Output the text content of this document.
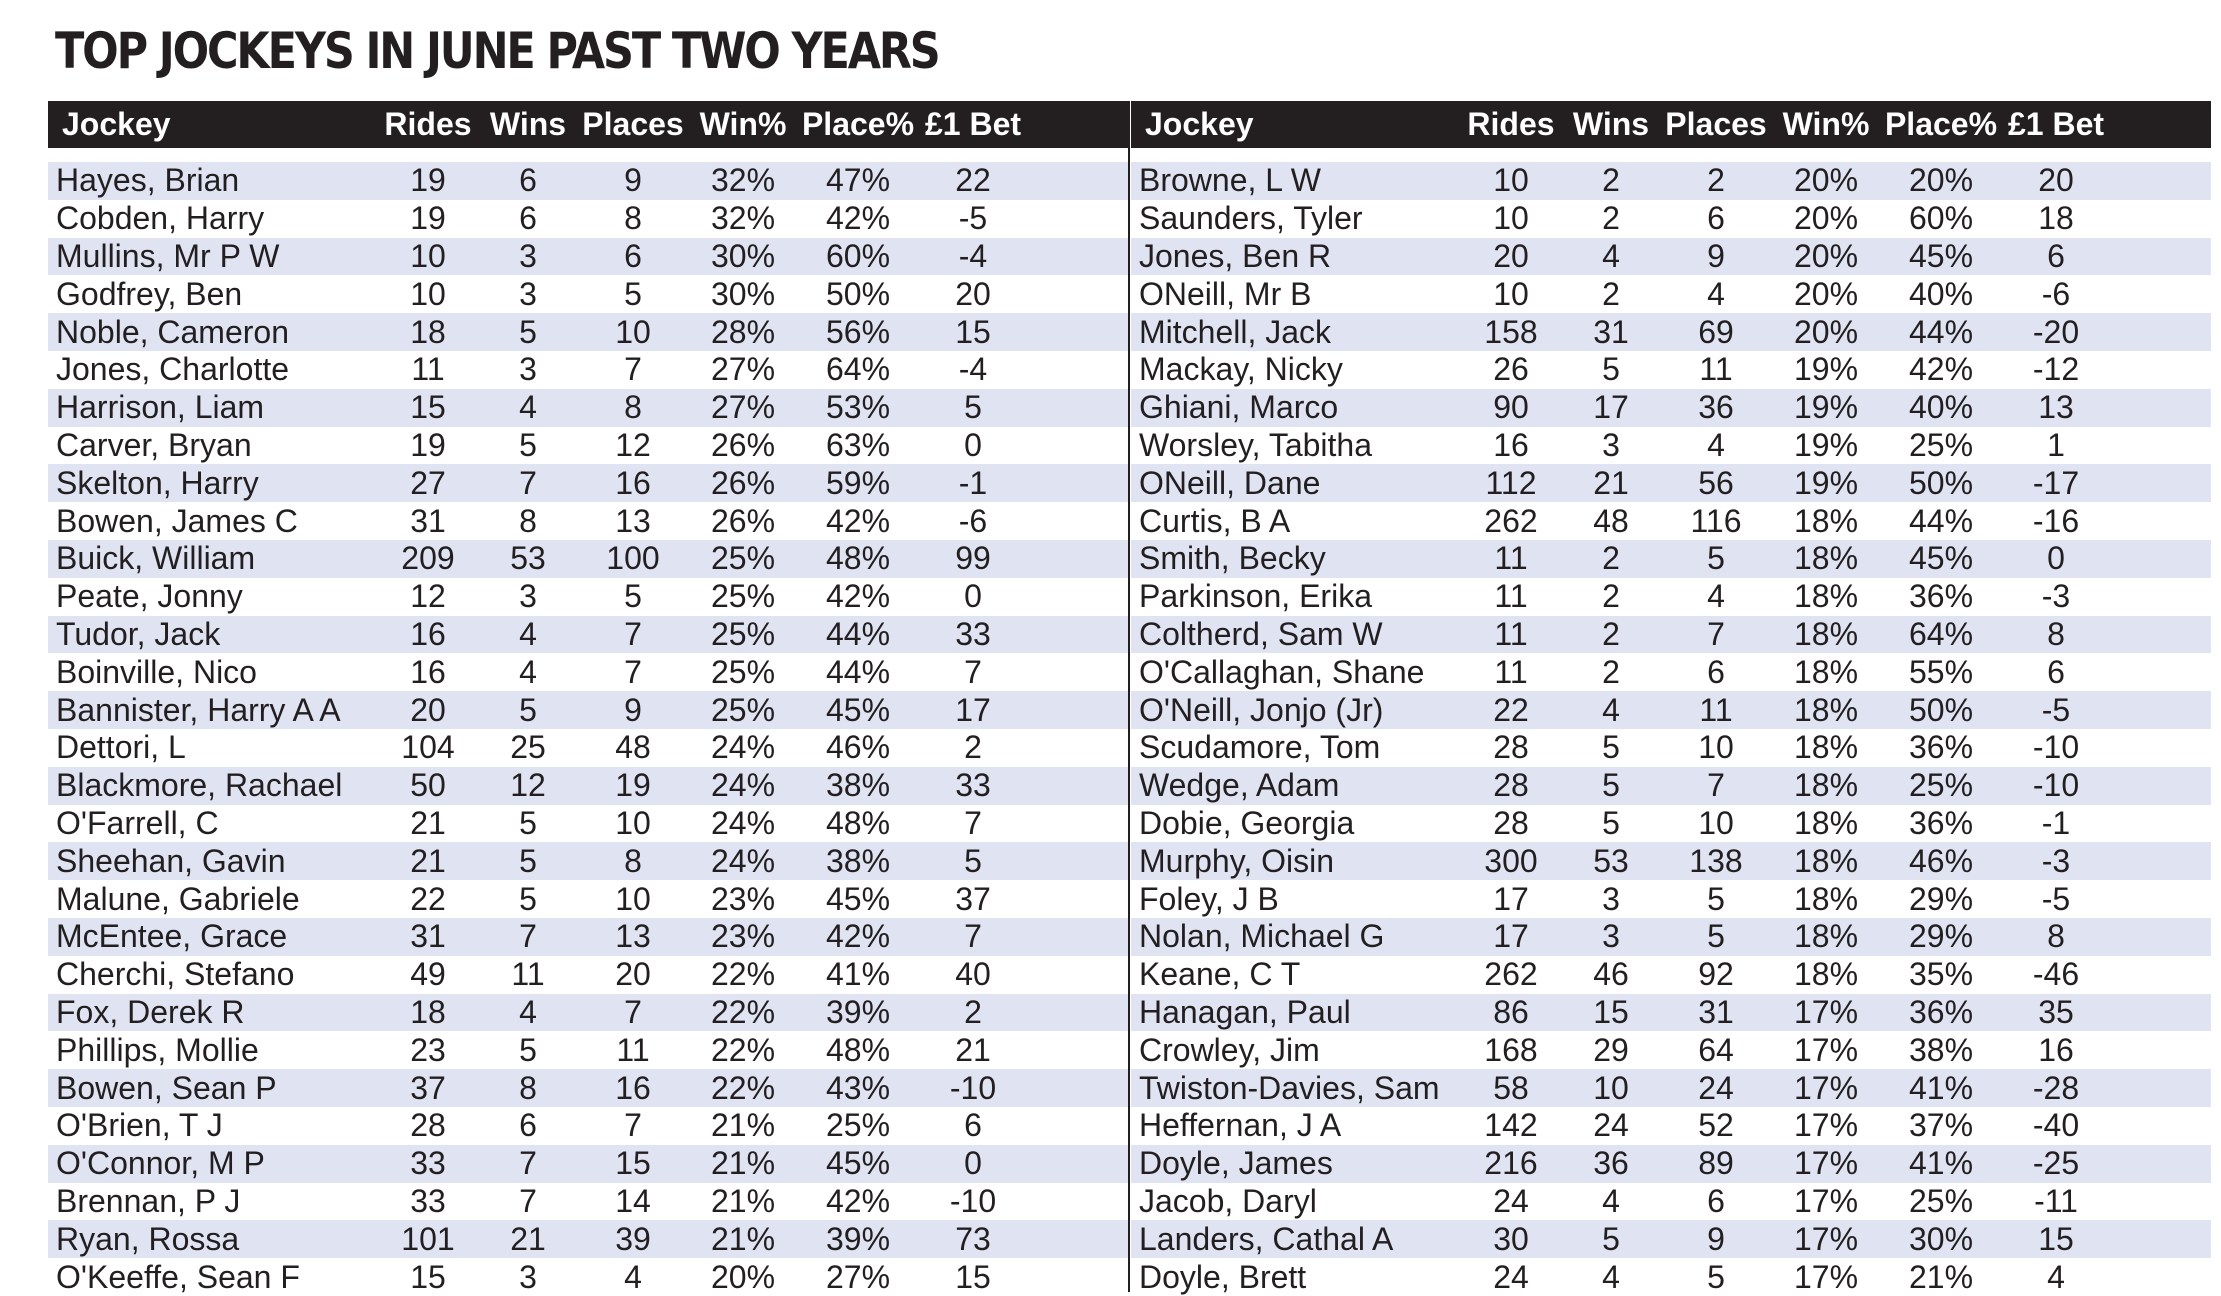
TOP JOCKEYS IN JUNE PAST TWO YEARS
Jockey	Rides Wins Places Win% Place% £1 Bet
Hayes, Brian	19	6	9	32%	47%	22
Cobden, Harry	19	6	8	32%	42%	-5
Mullins, Mr P W	10	3	6	30%	60%	-4
Godfrey, Ben	10	3	5	30%	50%	20
Noble, Cameron	18	5	10	28%	56%	15
Jones, Charlotte	11	3	7	27%	64%	-4
Harrison, Liam	15	4	8	27%	53%	5
Carver, Bryan	19	5	12	26%	63%	0
Skelton, Harry	27	7	16	26%	59%	-1
Bowen, James C	31	8	13	26%	42%	-6
Buick, William	209	53	100	25%	48%	99
Peate, Jonny	12	3	5	25%	42%	0
Tudor, Jack	16	4	7	25%	44%	33
Boinville, Nico	16	4	7	25%	44%	7
Bannister, Harry A A	20	5	9	25%	45%	17
Dettori, L	104	25	48	24%	46%	2
Blackmore, Rachael	50	12	19	24%	38%	33
O'Farrell, C	21	5	10	24%	48%	7
Sheehan, Gavin	21	5	8	24%	38%	5
Malune, Gabriele	22	5	10	23%	45%	37
McEntee, Grace	31	7	13	23%	42%	7
Cherchi, Stefano	49	11	20	22%	41%	40
Fox, Derek R	18	4	7	22%	39%	2
Phillips, Mollie	23	5	11	22%	48%	21
Bowen, Sean P	37	8	16	22%	43%	-10
O'Brien, T J	28	6	7	21%	25%	6
O'Connor, M P	33	7	15	21%	45%	0
Brennan, P J	33	7	14	21%	42%	-10
Ryan, Rossa	101	21	39	21%	39%	73
O'Keeffe, Sean F	15	3	4	20%	27%	15
Jockey	Rides Wins Places Win% Place% £1 Bet
Browne, L W	10	2	2	20%	20%	20
Saunders, Tyler	10	2	6	20%	60%	18
Jones, Ben R	20	4	9	20%	45%	6
ONeill, Mr B	10	2	4	20%	40%	-6
Mitchell, Jack	158	31	69	20%	44%	-20
Mackay, Nicky	26	5	11	19%	42%	-12
Ghiani, Marco	90	17	36	19%	40%	13
Worsley, Tabitha	16	3	4	19%	25%	1
ONeill, Dane	112	21	56	19%	50%	-17
Curtis, B A	262	48	116	18%	44%	-16
Smith, Becky	11	2	5	18%	45%	0
Parkinson, Erika	11	2	4	18%	36%	-3
Coltherd, Sam W	11	2	7	18%	64%	8
O'Callaghan, Shane	11	2	6	18%	55%	6
O'Neill, Jonjo (Jr)	22	4	11	18%	50%	-5
Scudamore, Tom	28	5	10	18%	36%	-10
Wedge, Adam	28	5	7	18%	25%	-10
Dobie, Georgia	28	5	10	18%	36%	-1
Murphy, Oisin	300	53	138	18%	46%	-3
Foley, J B	17	3	5	18%	29%	-5
Nolan, Michael G	17	3	5	18%	29%	8
Keane, C T	262	46	92	18%	35%	-46
Hanagan, Paul	86	15	31	17%	36%	35
Crowley, Jim	168	29	64	17%	38%	16
Twiston-Davies, Sam	58	10	24	17%	41%	-28
Heffernan, J A	142	24	52	17%	37%	-40
Doyle, James	216	36	89	17%	41%	-25
Jacob, Daryl	24	4	6	17%	25%	-11
Landers, Cathal A	30	5	9	17%	30%	15
Doyle, Brett	24	4	5	17%	21%	4
